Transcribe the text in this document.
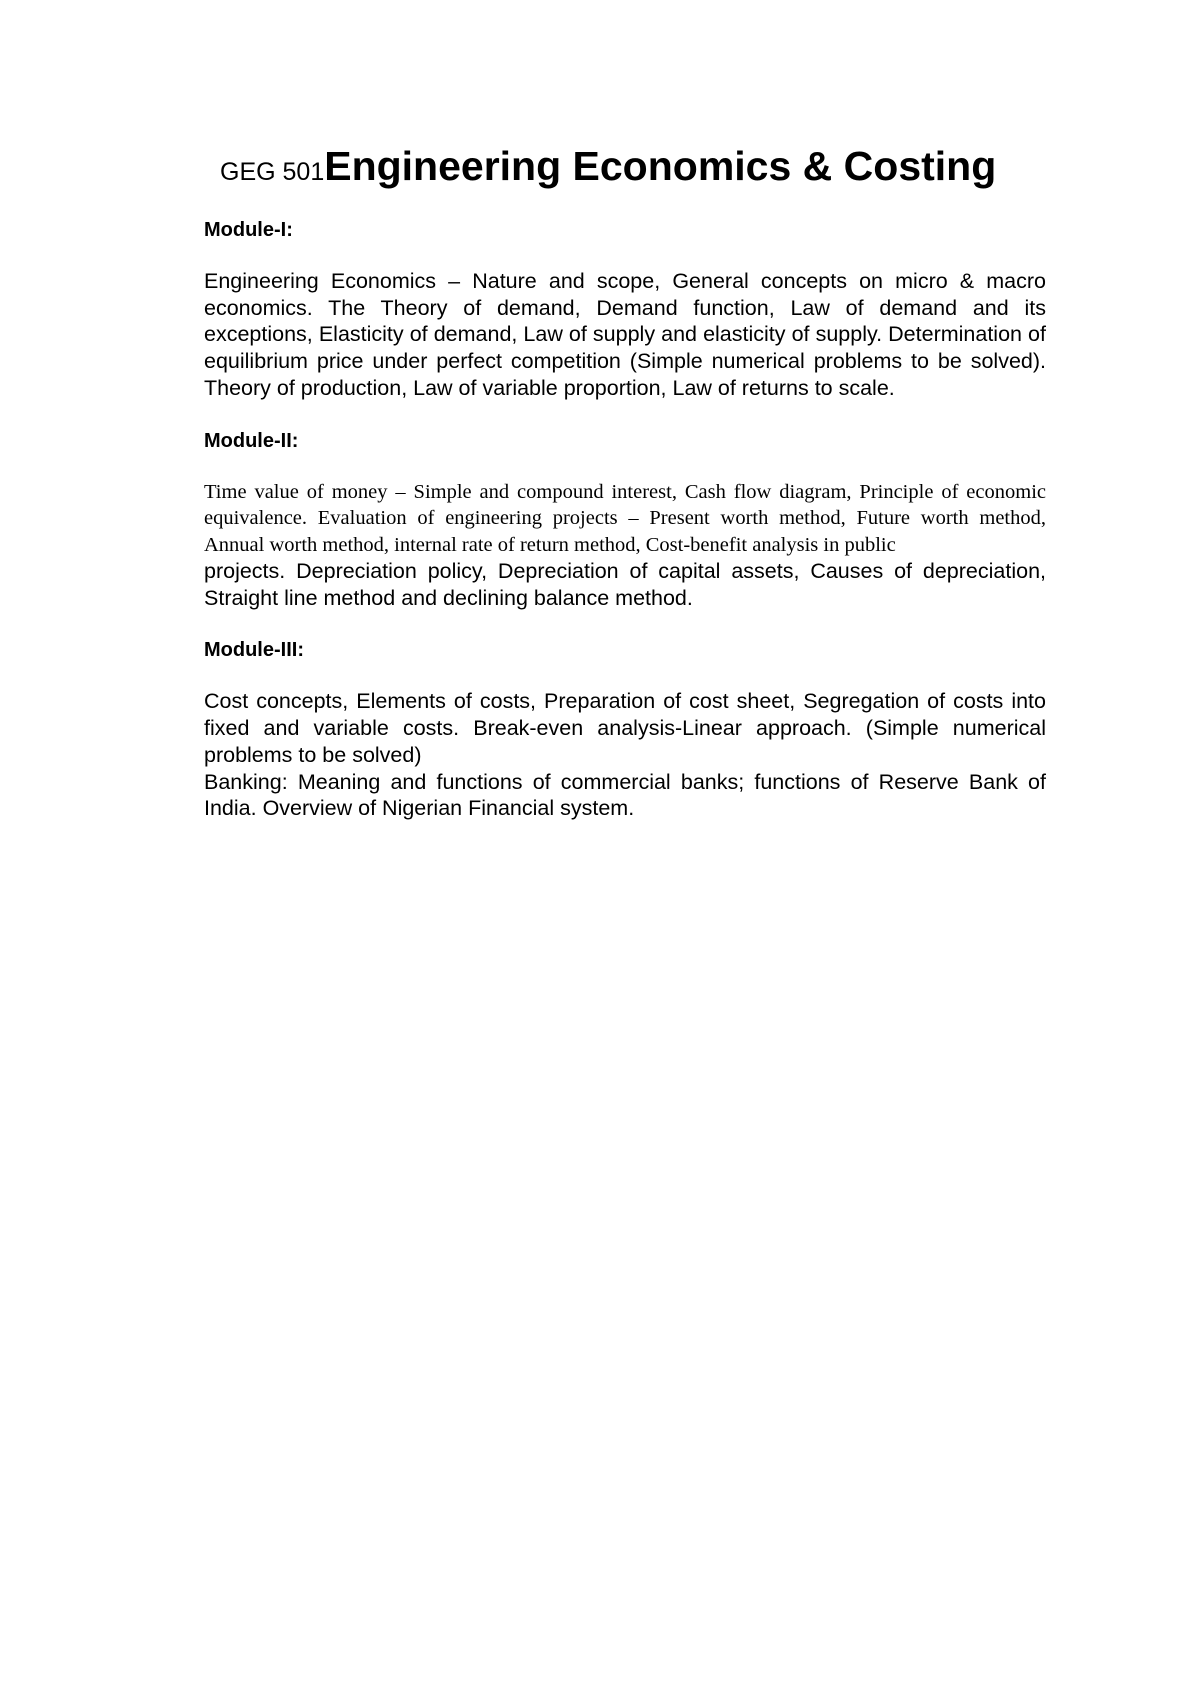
GEG 501Engineering Economics & Costing
Module-I:

Engineering Economics – Nature and scope, General concepts on micro & macro economics. The Theory of demand, Demand function, Law of demand and its exceptions, Elasticity of demand, Law of supply and elasticity of supply. Determination of equilibrium price under perfect competition (Simple numerical problems to be solved). Theory of production, Law of variable proportion, Law of returns to scale.

Module-II:

Time value of money – Simple and compound interest, Cash flow diagram, Principle of economic equivalence. Evaluation of engineering projects – Present worth method, Future worth method, Annual worth method, internal rate of return method, Cost-benefit analysis in public

projects. Depreciation policy, Depreciation of capital assets, Causes of depreciation, Straight line method and declining balance method.

Module-III:

Cost concepts, Elements of costs, Preparation of cost sheet, Segregation of costs into fixed and variable costs. Break-even analysis-Linear approach. (Simple numerical problems to be solved)

Banking: Meaning and functions of commercial banks; functions of Reserve Bank of India. Overview of Nigerian Financial system.
